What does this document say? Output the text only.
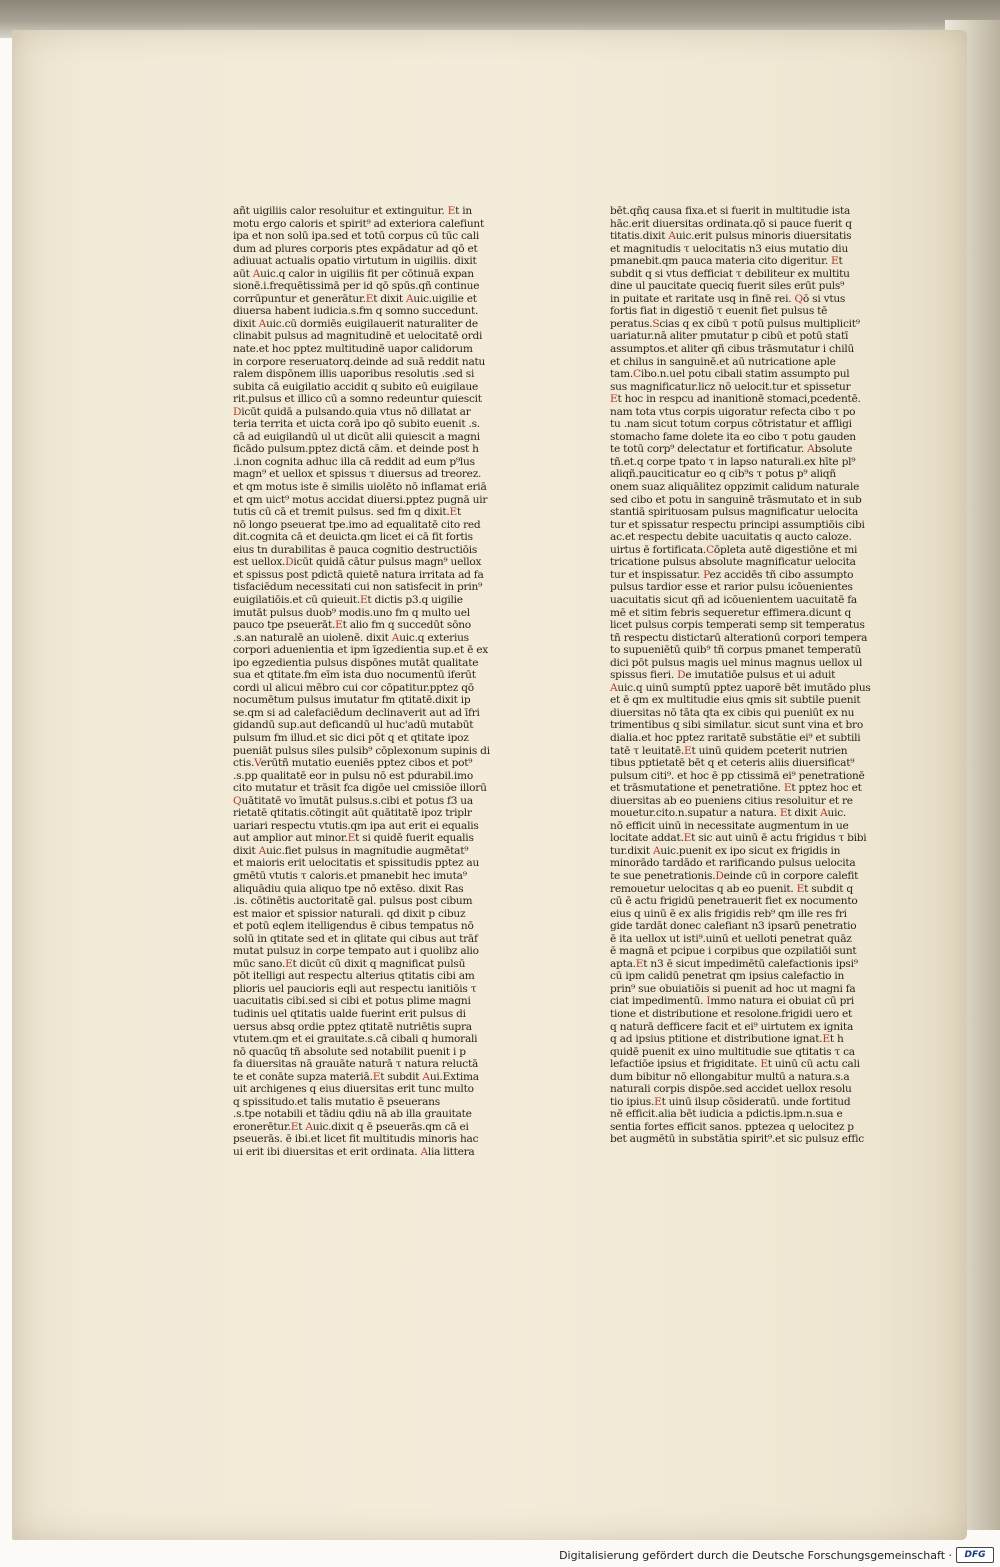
añt uigiliis calor resoluitur et extinguitur. Et in
motu ergo caloris et spirit⁹ ad exteriora calefiunt
ipa et non solū ipa.sed et totū corpus cū tūc cali
dum ad plures corporis ptes expādatur ad qō et
adiuuat actualis opatio virtutum in uigiliis. dixit
aūt Auic.q calor in uigiliis fit per cōtinuā expan
sionē.i.frequētissimā per id qō spūs.qñ continue
corrūpuntur et generātur.Et dixit Auic.uigilie et
diuersa habent iudicia.s.fm q somno succedunt.
dixit Auic.cū dormiēs euigilauerit naturaliter de
clinabit pulsus ad magnitudinē et uelocitatē ordi
nate.et hoc pptez multitudinē uapor calidorum
in corpore reseruatorq.deinde ad suā reddit natu
ralem dispōnem illis uaporibus resolutis .sed si
subita cā euigilatio accidit q subito eū euigilaue
rit.pulsus et illico cū a somno redeuntur quiescit
Dicūt quidā a pulsando.quia vtus nō dillatat ar
teria territa et uicta corā ipo qō subito euenit .s.
cā ad euigilandū ul ut dicūt alii quiescit a magni
ficādo pulsum.pptez dictā cām. et deinde post h
.i.non cognita adhuc illa cā reddit ad eum p⁹lus
magn⁹ et uellox et spissus τ diuersus ad treorez.
et qm motus iste ē similis uiolēto nō inflamat eriā
et qm uict⁹ motus accidat diuersi.pptez pugnā uir
tutis cū cā et tremit pulsus. sed fm q dixit.Et
nō longo pseuerat tpe.imo ad equalitatē cito red
dit.cognita cā et deuicta.qm licet ei cā fit fortis
eius tn durabilitas ē pauca cognitio destructiōis
est uellox.Dicūt quidā cātur pulsus magn⁹ uellox
et spissus post pdictā quietē natura irritata ad fa
tisfaciēdum necessitati cui non satisfecit in prin⁹
euigilatiōis.et cū quieuit.Et dictis p3.q uigilie
imutāt pulsus duob⁹ modis.uno fm q multo uel
pauco tpe pseuerāt.Et alio fm q succedūt sōno
.s.an naturalē an uiolenē. dixit Auic.q exterius
corpori aduenientia et ipm īgzedientia sup.et ē ex
ipo egzedientia pulsus dispōnes mutāt qualitate
sua et qtitate.fm eīm ista duo nocumentū iferūt
cordi ul alicui mēbro cui cor cōpatitur.pptez qō
nocumētum pulsus imutatur fm qtitatē.dixit ip
se.qm si ad calefaciēdum declinaverit aut ad īfri
gidandū sup.aut deficandū ul huc'adū mutabūt
pulsum fm illud.et sic dici pōt q et qtitate ipoz
pueniāt pulsus siles pulsib⁹ cōplexonum supinis di
ctis.Verūtñ mutatio eueniēs pptez cibos et pot⁹
.s.pp qualitatē eor in pulsu nō est pdurabil.imo
cito mutatur et trāsit fca digōe uel cmissiōe illorū
Quātitatē vo īmutāt pulsus.s.cibi et potus f3 ua
rietatē qtitatis.cōtingit aūt quātitatē ipoz triplr
uariari respectu vtutis.qm ipa aut erit ei equalis
aut amplior aut minor.Et si quidē fuerit equalis
dixit Auic.fiet pulsus in magnitudie augmētat⁹
et maioris erit uelocitatis et spissitudis pptez au
gmētū vtutis τ caloris.et pmanebit hec imuta⁹
aliquādiu quia aliquo tpe nō extēso. dixit Ras
.is. cōtinētis auctoritatē gal. pulsus post cibum
est maior et spissior naturali. qd dixit p cibuz
et potū eqlem itelligendus ē cibus tempatus nō
solū in qtitate sed et in qlitate qui cibus aut trāf
mutat pulsuz in corpe tempato aut i quolibz alio
mūc sano.Et dicūt cū dixit q magnificat pulsū
pōt itelligi aut respectu alterius qtitatis cibi am
plioris uel paucioris eqli aut respectu ianitiōis τ
uacuitatis cibi.sed si cibi et potus plime magni
tudinis uel qtitatis ualde fuerint erit pulsus di
uersus absq ordie pptez qtitatē nutriētis supra
vtutem.qm et ei grauitate.s.cā cibali q humorali
nō quacūq tñ absolute sed notabilit puenit i p
fa diuersitas nā grauāte naturā τ natura reluctā
te et conāte supza materiā.Et subdit Aui.Extima
uit archigenes q eius diuersitas erit tunc multo
q spissitudo.et talis mutatio ē pseuerans
.s.tpe notabili et tādiu qdiu nā ab illa grauitate
eronerētur.Et Auic.dixit q ē pseuerās.qm cā ei
pseuerās. ē ibi.et licet fit multitudis minoris hac
ui erit ibi diuersitas et erit ordinata. Alia littera
bēt.qñq causa fixa.et si fuerit in multitudie ista
hāc.erit diuersitas ordinata.qō si pauce fuerit q
titatis.dixit Auic.erit pulsus minoris diuersitatis
et magnitudis τ uelocitatis n3 eius mutatio diu
pmanebit.qm pauca materia cito digeritur. Et
subdit q si vtus defficiat τ debiliteur ex multitu
dine ul paucitate queciq fuerit siles erūt puls⁹
in puitate et raritate usq in finē rei. Qō si vtus
fortis fiat in digestiō τ euenit fiet pulsus tē
peratus.Scias q ex cibū τ potū pulsus multiplicit⁹
uariatur.nā aliter pmutatur p cibū et potū statī
assumptos.et aliter qñ cibus trāsmutatur i chilū
et chilus in sanguinē.et aū nutricatione aple
tam.Cibo.n.uel potu cibali statim assumpto pul
sus magnificatur.licz nō uelocit.tur et spissetur
Et hoc in respcu ad inanitionē stomaci,pcedentē.
nam tota vtus corpis uigoratur refecta cibo τ po
tu .nam sicut totum corpus cōtristatur et affligi
stomacho fame dolete ita eo cibo τ potu gauden
te totū corp⁹ delectatur et fortificatur. Absolute
tñ.et.q corpe tpato τ in lapso naturali.ex hīte pl⁹
aliqñ.pauciticatur eo q cib⁹s τ potus p⁹ aliqñ
onem suaz aliquālitez oppzimit calidum naturale
sed cibo et potu in sanguinē trāsmutato et in sub
stantiā spirituosam pulsus magnificatur uelocita
tur et spissatur respectu principi assumptiōis cibi
ac.et respectu debite uacuitatis q aucto caloze.
uirtus ē fortificata.Cōpleta autē digestiōne et mi
tricatione pulsus absolute magnificatur uelocita
tur et inspissatur. Pez accidēs tñ cibo assumpto
pulsus tardior esse et rarior pulsu icōuenientes
uacuitatis sicut qñ ad icōuenientem uacuitatē fa
mē et sitim febris sequeretur effimera.dicunt q
licet pulsus corpis temperati semp sit temperatus
tñ respectu distictarū alterationū corpori tempera
to supueniētū quib⁹ tñ corpus pmanet temperatū
dici pōt pulsus magis uel minus magnus uellox ul
spissus fieri. De imutatiōe pulsus et ui aduit
Auic.q uinū sumptū pptez uaporē bēt imutādo plus
et ē qm ex multitudie eius qmis sit subtile puenit
diuersitas nō tāta qta ex cibis qui pueniūt ex nu
trimentibus q sibi similatur. sicut sunt vina et bro
dialia.et hoc pptez raritatē substātie ei⁹ et subtili
tatē τ leuitatē.Et uinū quidem pceterit nutrien
tibus pptietatē bēt q et ceteris aliis diuersificat⁹
pulsum citi⁹. et hoc ē pp ctissimā ei⁹ penetrationē
et trāsmutatione et penetratiōne. Et pptez hoc et
diuersitas ab eo pueniens citius resoluitur et re
mouetur.cito.n.supatur a natura. Et dixit Auic.
nō efficit uinū in necessitate augmentum in ue
locitate addat.Et sic aut uinū ē actu frigidus τ bibi
tur.dixit Auic.puenit ex ipo sicut ex frigidis in
minorādo tardādo et rarificando pulsus uelocita
te sue penetrationis.Deinde cū in corpore calefit
remouetur uelocitas q ab eo puenit. Et subdit q
cū ē actu frigidū penetrauerit fiet ex nocumento
eius q uinū ē ex alis frigidis reb⁹ qm ille res fri
gide tardāt donec calefiant n3 ipsarū penetratio
ē ita uellox ut isti⁹.uinū et uelloti penetrat quāz
ē magnā et pcipue i corpibus que ozpilatiōi sunt
apta.Et n3 ē sicut impedimētū calefactionis ipsi⁹
cū ipm calidū penetrat qm ipsius calefactio in
prin⁹ sue obuiatiōis si puenit ad hoc ut magni fa
ciat impedimentū. Immo natura ei obuiat cū pri
tione et distributione et resolone.frigidi uero et
q naturā defficere facit et ei⁹ uirtutem ex ignita
q ad ipsius ptitione et distributione ignat.Et h
quidē puenit ex uino multitudie sue qtitatis τ ca
lefactiōe ipsius et frigiditate. Et uinū cū actu cali
dum bibitur nō ellongabitur multū a natura.s.a
naturali corpis dispōe.sed accidet uellox resolu
tio ipius.Et uinū ilsup cōsideratū. unde fortitud
nē efficit.alia bēt iudicia a pdictis.ipm.n.sua e
sentia fortes efficit sanos. pptezea q uelocitez p
bet augmētū in substātia spirit⁹.et sic pulsuz effic
Digitalisierung gefördert durch die Deutsche Forschungsgemeinschaft ·	DFG
